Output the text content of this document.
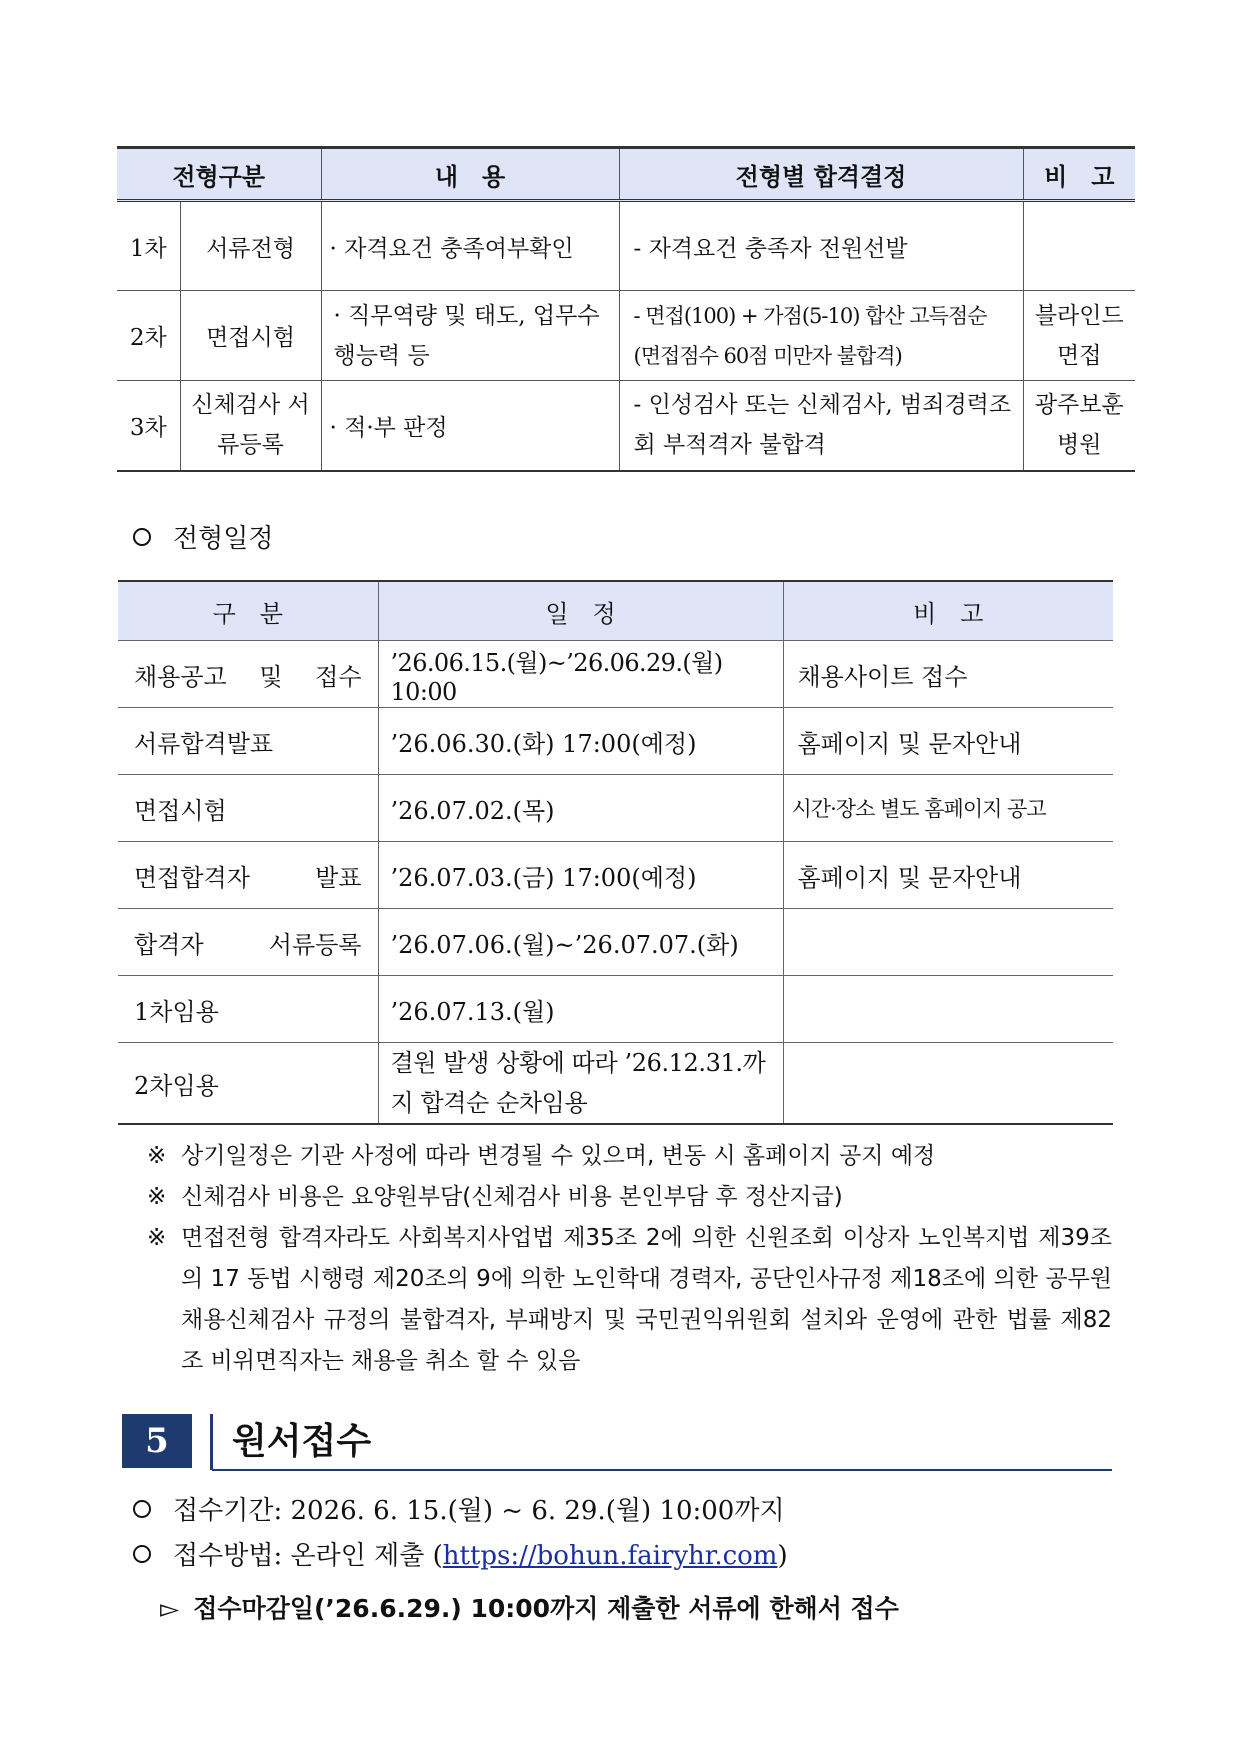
전형구분		내　용	전형별 합격결정	비　고
1차	서류전형	· 자격요건 충족여부확인	- 자격요건 충족자 전원선발	
2차	면접시험	· 직무역량 및 태도, 업무수행능력 등	- 면접(100) + 가점(5-10) 합산 고득점순 (면접점수 60점 미만자 불합격)	블라인드 면접
3차	신체검사 서류등록	· 적·부 판정	- 인성검사 또는 신체검사, 범죄경력조회 부적격자 불합격	광주보훈 병원
전형일정
구　분	일　정	비　고
채용공고 및 접수	’26.06.15.(월)~’26.06.29.(월) 10:00	채용사이트 접수
서류합격발표	’26.06.30.(화) 17:00(예정)	홈페이지 및 문자안내
면접시험	’26.07.02.(목)	시간·장소 별도 홈페이지 공고
면접합격자 발표	’26.07.03.(금) 17:00(예정)	홈페이지 및 문자안내
합격자 서류등록	’26.07.06.(월)~’26.07.07.(화)	
1차임용	’26.07.13.(월)	
2차임용	결원 발생 상황에 따라 ’26.12.31.까지 합격순 순차임용	
※ 상기일정은 기관 사정에 따라 변경될 수 있으며, 변동 시 홈페이지 공지 예정
※ 신체검사 비용은 요양원부담(신체검사 비용 본인부담 후 정산지급)
※ 면접전형 합격자라도 사회복지사업법 제35조 2에 의한 신원조회 이상자 노인복지법 제39조의 17 동법 시행령 제20조의 9에 의한 노인학대 경력자, 공단인사규정 제18조에 의한 공무원 채용신체검사 규정의 불합격자, 부패방지 및 국민권익위원회 설치와 운영에 관한 법률 제82조 비위면직자는 채용을 취소 할 수 있음
5	원서접수
접수기간: 2026. 6. 15.(월) ~ 6. 29.(월) 10:00까지
접수방법: 온라인 제출 (https://bohun.fairyhr.com)
▻ 접수마감일(’26.6.29.) 10:00까지 제출한 서류에 한해서 접수
